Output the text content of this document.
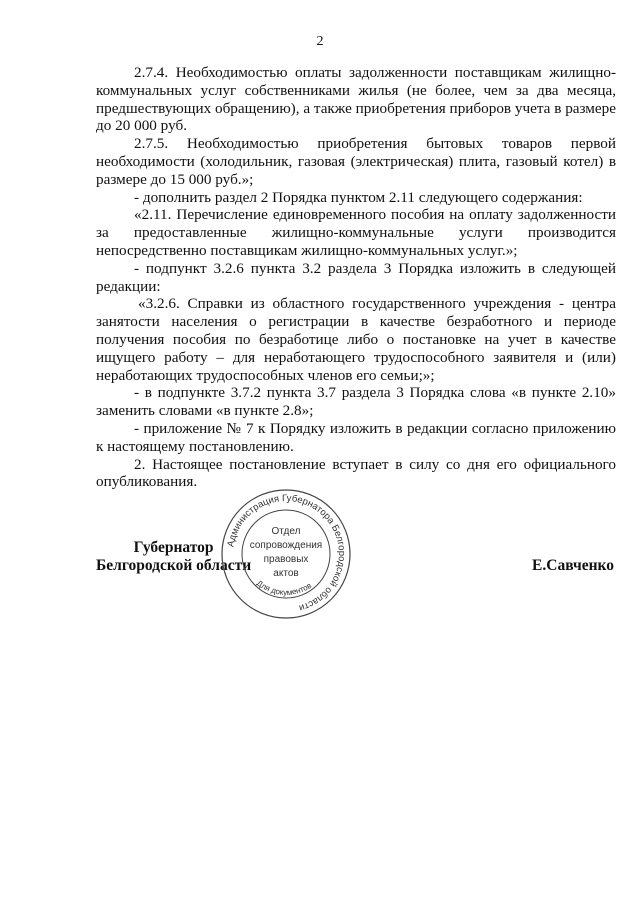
2

2.7.4. Необходимостью оплаты задолженности поставщикам жилищно-коммунальных услуг собственниками жилья (не более, чем за два месяца, предшествующих обращению), а также приобретения приборов учета в размере до 20 000 руб.

2.7.5. Необходимостью приобретения бытовых товаров первой необходимости (холодильник, газовая (электрическая) плита, газовый котел) в размере до 15 000 руб.»;

- дополнить раздел 2 Порядка пунктом 2.11 следующего содержания:

«2.11. Перечисление единовременного пособия на оплату задолженности за предоставленные жилищно-коммунальные услуги производится непосредственно поставщикам жилищно-коммунальных услуг.»;

- подпункт 3.2.6 пункта 3.2 раздела 3 Порядка изложить в следующей редакции:

«3.2.6. Справки из областного государственного учреждения - центра занятости населения о регистрации в качестве безработного и периоде получения пособия по безработице либо о постановке на учет в качестве ищущего работу – для неработающего трудоспособного заявителя и (или) неработающих трудоспособных членов его семьи;»;

- в подпункте 3.7.2 пункта 3.7 раздела 3 Порядка слова «в пункте 2.10» заменить словами «в пункте 2.8»;

- приложение № 7 к Порядку изложить в редакции согласно приложению к настоящему постановлению.

2. Настоящее постановление вступает в силу со дня его официального опубликования.

Губернатор
Белгородской области	Е.Савченко
Администрация Губернатора Белгородской области
Отдел
сопровождения
правовых
актов
Для документов
